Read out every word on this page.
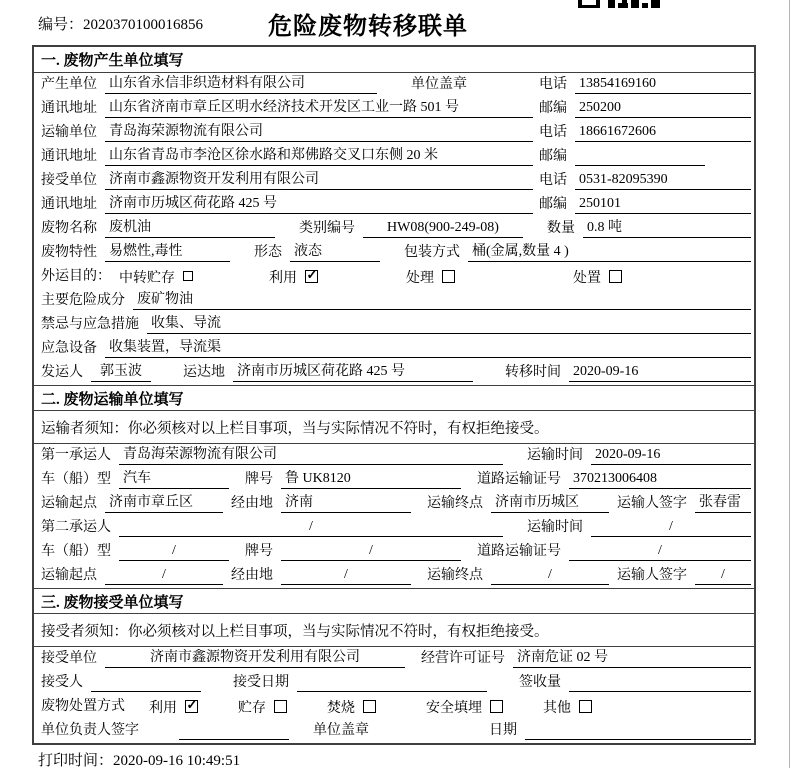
编号：2020370100016856	危险废物转移联单
一. 废物产生单位填写
产生单位 山东省永信非织造材料有限公司	单位盖章	电话 13854169160
通讯地址 山东省济南市章丘区明水经济技术开发区工业一路 501 号	邮编 250200
运输单位 青岛海荣源物流有限公司	电话 18661672606
通讯地址 山东省青岛市李沧区徐水路和郑佛路交叉口东侧 20 米	邮编
接受单位 济南市鑫源物资开发利用有限公司	电话 0531-82095390
通讯地址 济南市历城区荷花路 425 号	邮编 250101
废物名称 废机油	类别编号	HW08(900-249-08)	数量 0.8 吨
废物特性 易燃性,毒性	形态 液态	包装方式 桶(金属,数量 4 )
外运目的： 中转贮存	利用 ✓	处理	处置
主要危险成分 废矿物油
禁忌与应急措施 收集、导流
应急设备 收集装置，导流渠
发运人	郭玉波	运达地 济南市历城区荷花路 425 号	转移时间 2020-09-16
二. 废物运输单位填写
运输者须知：你必须核对以上栏目事项，当与实际情况不符时，有权拒绝接受。
第一承运人 青岛海荣源物流有限公司	运输时间 2020-09-16
车（船）型 汽车	牌号 鲁 UK8120	道路运输证号 370213006408
运输起点 济南市章丘区	经由地 济南	运输终点 济南市历城区	运输人签字 张春雷
第二承运人	/	运输时间	/
车（船）型	/	牌号	/	道路运输证号	/
运输起点	/	经由地	/	运输终点	/	运输人签字	/
三. 废物接受单位填写
接受者须知：你必须核对以上栏目事项，当与实际情况不符时，有权拒绝接受。
接受单位	济南市鑫源物资开发利用有限公司	经营许可证号 济南危证 02 号
接受人	接受日期	签收量
废物处置方式 利用 ✓	贮存	焚烧	安全填埋	其他
单位负责人签字	单位盖章	日期
打印时间：2020-09-16 10:49:51
